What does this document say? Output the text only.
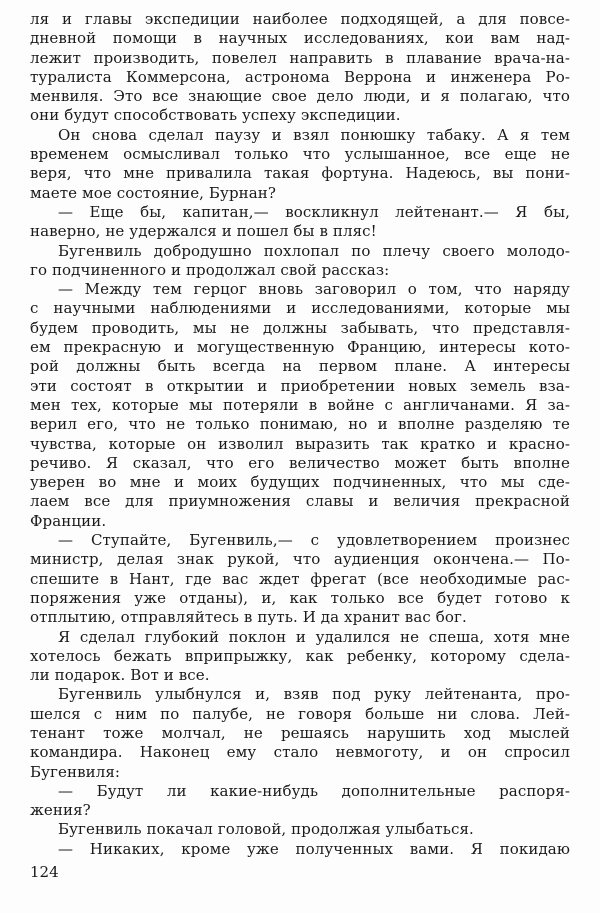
ля и главы экспедиции наиболее подходящей, а для повсе-
дневной помощи в научных исследованиях, кои вам над-
лежит производить, повелел направить в плавание врача-на-
туралиста Коммерсона, астронома Веррона и инженера Ро-
менвиля. Это все знающие свое дело люди, и я полагаю, что
они будут способствовать успеху экспедиции.
Он снова сделал паузу и взял понюшку табаку. А я тем
временем осмысливал только что услышанное, все еще не
веря, что мне привалила такая фортуна. Надеюсь, вы пони-
маете мое состояние, Бурнан?
— Еще бы, капитан,— воскликнул лейтенант.— Я бы,
наверно, не удержался и пошел бы в пляс!
Бугенвиль добродушно похлопал по плечу своего молодо-
го подчиненного и продолжал свой рассказ:
— Между тем герцог вновь заговорил о том, что наряду
с научными наблюдениями и исследованиями, которые мы
будем проводить, мы не должны забывать, что представля-
ем прекрасную и могущественную Францию, интересы кото-
рой должны быть всегда на первом плане. А интересы
эти состоят в открытии и приобретении новых земель вза-
мен тех, которые мы потеряли в войне с англичанами. Я за-
верил его, что не только понимаю, но и вполне разделяю те
чувства, которые он изволил выразить так кратко и красно-
речиво. Я сказал, что его величество может быть вполне
уверен во мне и моих будущих подчиненных, что мы сде-
лаем все для приумножения славы и величия прекрасной
Франции.
— Ступайте, Бугенвиль,— с удовлетворением произнес
министр, делая знак рукой, что аудиенция окончена.— По-
спешите в Нант, где вас ждет фрегат (все необходимые рас-
поряжения уже отданы), и, как только все будет готово к
отплытию, отправляйтесь в путь. И да хранит вас бог.
Я сделал глубокий поклон и удалился не спеша, хотя мне
хотелось бежать вприпрыжку, как ребенку, которому сдела-
ли подарок. Вот и все.
Бугенвиль улыбнулся и, взяв под руку лейтенанта, про-
шелся с ним по палубе, не говоря больше ни слова. Лей-
тенант тоже молчал, не решаясь нарушить ход мыслей
командира. Наконец ему стало невмоготу, и он спросил
Бугенвиля:
— Будут ли какие-нибудь дополнительные распоря-
жения?
Бугенвиль покачал головой, продолжая улыбаться.
— Никаких, кроме уже полученных вами. Я покидаю
124
